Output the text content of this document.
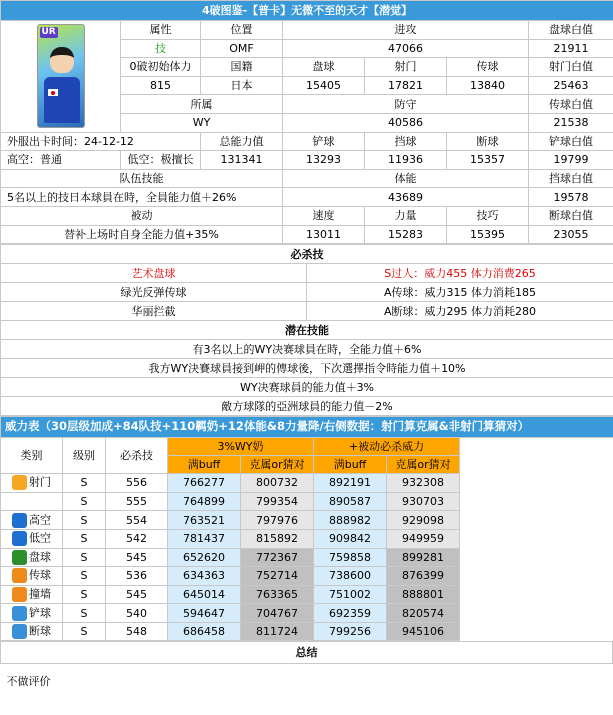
4破图鉴-【普卡】无微不至的天才【潜觉】						

UR	属性	位置	进攻			盘球白值
	技	OMF	47066			21911
	0破初始体力	国籍	盘球	射门	传球	射门白值
	815	日本	15405	17821	13840	25463
	所属		防守			传球白值
	WY		40586			21538
外服出卡时间：24-12-12		总能力值	铲球	挡球	断球	铲球白值
高空：普通	低空：极擅长	131341	13293	11936	15357	19799
队伍技能			体能			挡球白值
5名以上的技日本球員在時，全員能力值＋26%			43689			19578
被动			速度	力量	技巧	断球白值
替补上场时自身全能力值+35%			13011	15283	15395	23055
必杀技	
艺术盘球	S过人：威力455 体力消费265
绿光反弹传球	A传球：威力315 体力消耗185
华丽拦截	A断球：威力295 体力消耗280
潜在技能	
有3名以上的WY决赛球員在時，全能力值＋6%	
我方WY決賽球員接到岬的傳球後，下次選擇指令時能力值＋10%	
WY决赛球員的能力值＋3%	
敵方球隊的亞洲球員的能力值－2%	
威力表（30层级加成+84队技+110羁奶+12体能&8力量降/右侧数据：射门算克属&非射门算猜对）							
类别	级别	必杀技	3%WY奶		+被动必杀威力		
			满buff	克属or猜对	满buff	克属or猜对	
射门	S	556	766277	800732	892191	932308	
	S	555	764899	799354	890587	930703	
高空	S	554	763521	797976	888982	929098	
低空	S	542	781437	815892	909842	949959	
盘球	S	545	652620	772367	759858	899281	
传球	S	536	634363	752714	738600	876399	
撞墙	S	545	645014	763365	751002	888801	
铲球	S	540	594647	704767	692359	820574	
断球	S	548	686458	811724	799256	945106	
总结
不做评价
